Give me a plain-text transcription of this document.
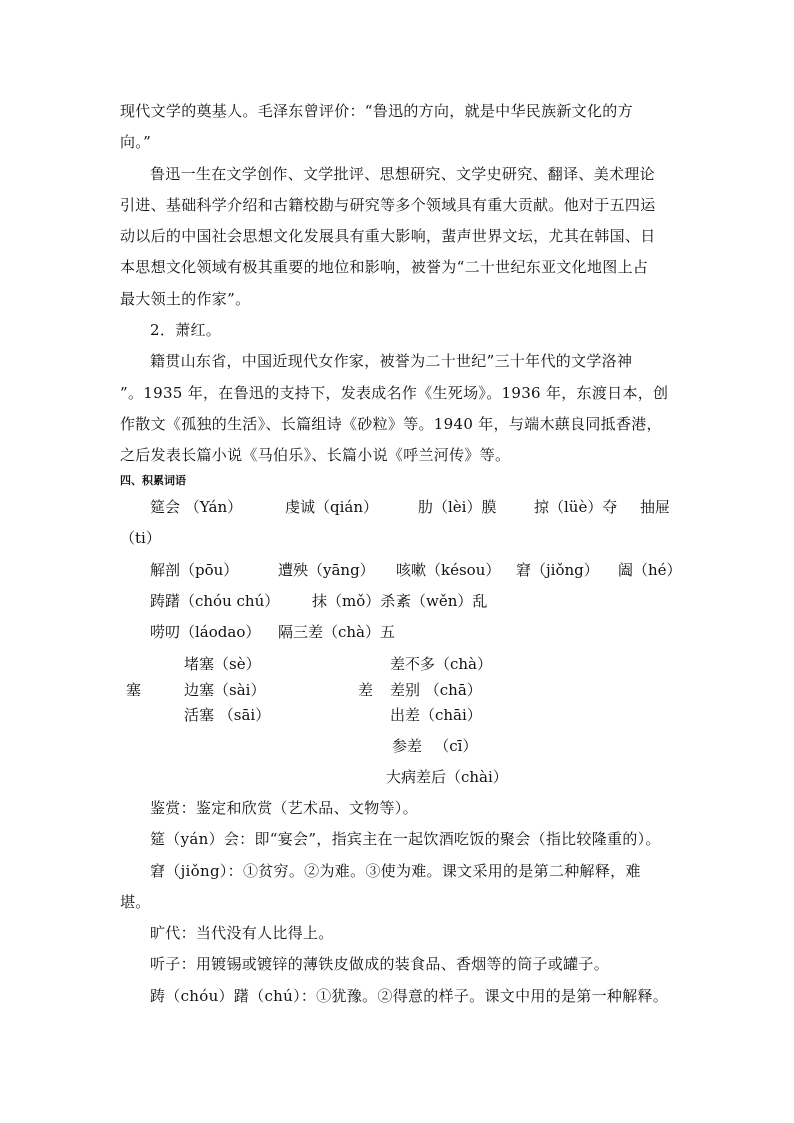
现代文学的奠基人。毛泽东曾评价：“鲁迅的方向，就是中华民族新文化的方
向。”
鲁迅一生在文学创作、文学批评、思想研究、文学史研究、翻译、美术理论
引进、基础科学介绍和古籍校勘与研究等多个领域具有重大贡献。他对于五四运
动以后的中国社会思想文化发展具有重大影响，蜚声世界文坛，尤其在韩国、日
本思想文化领域有极其重要的地位和影响，被誉为“二十世纪东亚文化地图上占
最大领土的作家”。
2．萧红。
籍贯山东省，中国近现代女作家，被誉为二十世纪”三十年代的文学洛神
”。1935 年，在鲁迅的支持下，发表成名作《生死场》。1936 年，东渡日本，创
作散文《孤独的生活》、长篇组诗《砂粒》等。1940 年，与端木蕻良同抵香港，
之后发表长篇小说《马伯乐》、长篇小说《呼兰河传》等。
四、积累词语
筵会 （Yán）	虔诚（qián）	肋（lèi）膜	掠（lüè）夺 抽屉
（ti）
解剖（pōu）	遭殃（yāng） 咳嗽（késou） 窘（jiǒng） 阖（hé）
踌躇（chóu chú） 抹（mǒ）杀 紊（wěn）乱
唠叨（láodao） 隔三差（chà）五
塞
堵塞（sè）
边塞（sài）
活塞 （sāi）
差
差不多（chà）
差别 （chā）
出差（chāi）
参差 　（cī）
大病差后（chài）
鉴赏：鉴定和欣赏（艺术品、文物等）。
筵（yán）会：即“宴会”，指宾主在一起饮酒吃饭的聚会（指比较隆重的）。
窘（jiǒng）：①贫穷。②为难。③使为难。课文采用的是第二种解释，难
堪。
旷代：当代没有人比得上。
听子：用镀锡或镀锌的薄铁皮做成的装食品、香烟等的筒子或罐子。
踌（chóu）躇（chú）：①犹豫。②得意的样子。课文中用的是第一种解释。
